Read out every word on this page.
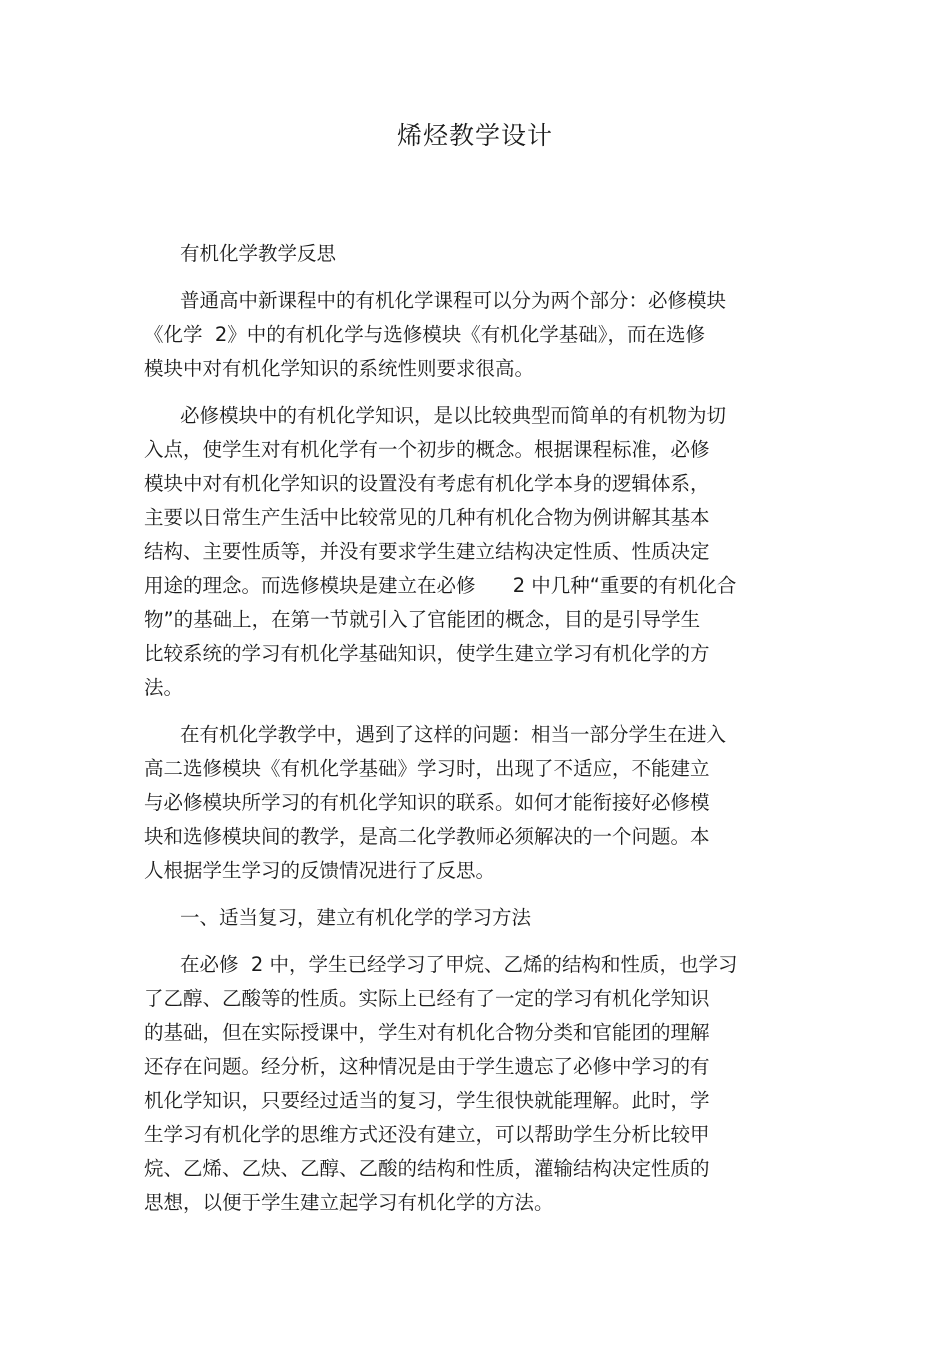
烯烃教学设计
有机化学教学反思
普通高中新课程中的有机化学课程可以分为两个部分：必修模块
《化学  2》中的有机化学与选修模块《有机化学基础》，而在选修
模块中对有机化学知识的系统性则要求很高。
必修模块中的有机化学知识，是以比较典型而简单的有机物为切
入点，使学生对有机化学有一个初步的概念。根据课程标准，必修
模块中对有机化学知识的设置没有考虑有机化学本身的逻辑体系，
主要以日常生产生活中比较常见的几种有机化合物为例讲解其基本
结构、主要性质等，并没有要求学生建立结构决定性质、性质决定
用途的理念。而选修模块是建立在必修      2 中几种“重要的有机化合
物”的基础上，在第一节就引入了官能团的概念，目的是引导学生
比较系统的学习有机化学基础知识，使学生建立学习有机化学的方
法。
在有机化学教学中，遇到了这样的问题：相当一部分学生在进入
高二选修模块《有机化学基础》学习时，出现了不适应，不能建立
与必修模块所学习的有机化学知识的联系。如何才能衔接好必修模
块和选修模块间的教学，是高二化学教师必须解决的一个问题。本
人根据学生学习的反馈情况进行了反思。
一、适当复习，建立有机化学的学习方法
在必修  2 中，学生已经学习了甲烷、乙烯的结构和性质，也学习
了乙醇、乙酸等的性质。实际上已经有了一定的学习有机化学知识
的基础，但在实际授课中，学生对有机化合物分类和官能团的理解
还存在问题。经分析，这种情况是由于学生遗忘了必修中学习的有
机化学知识，只要经过适当的复习，学生很快就能理解。此时，学
生学习有机化学的思维方式还没有建立，可以帮助学生分析比较甲
烷、乙烯、乙炔、乙醇、乙酸的结构和性质，灌输结构决定性质的
思想，以便于学生建立起学习有机化学的方法。
